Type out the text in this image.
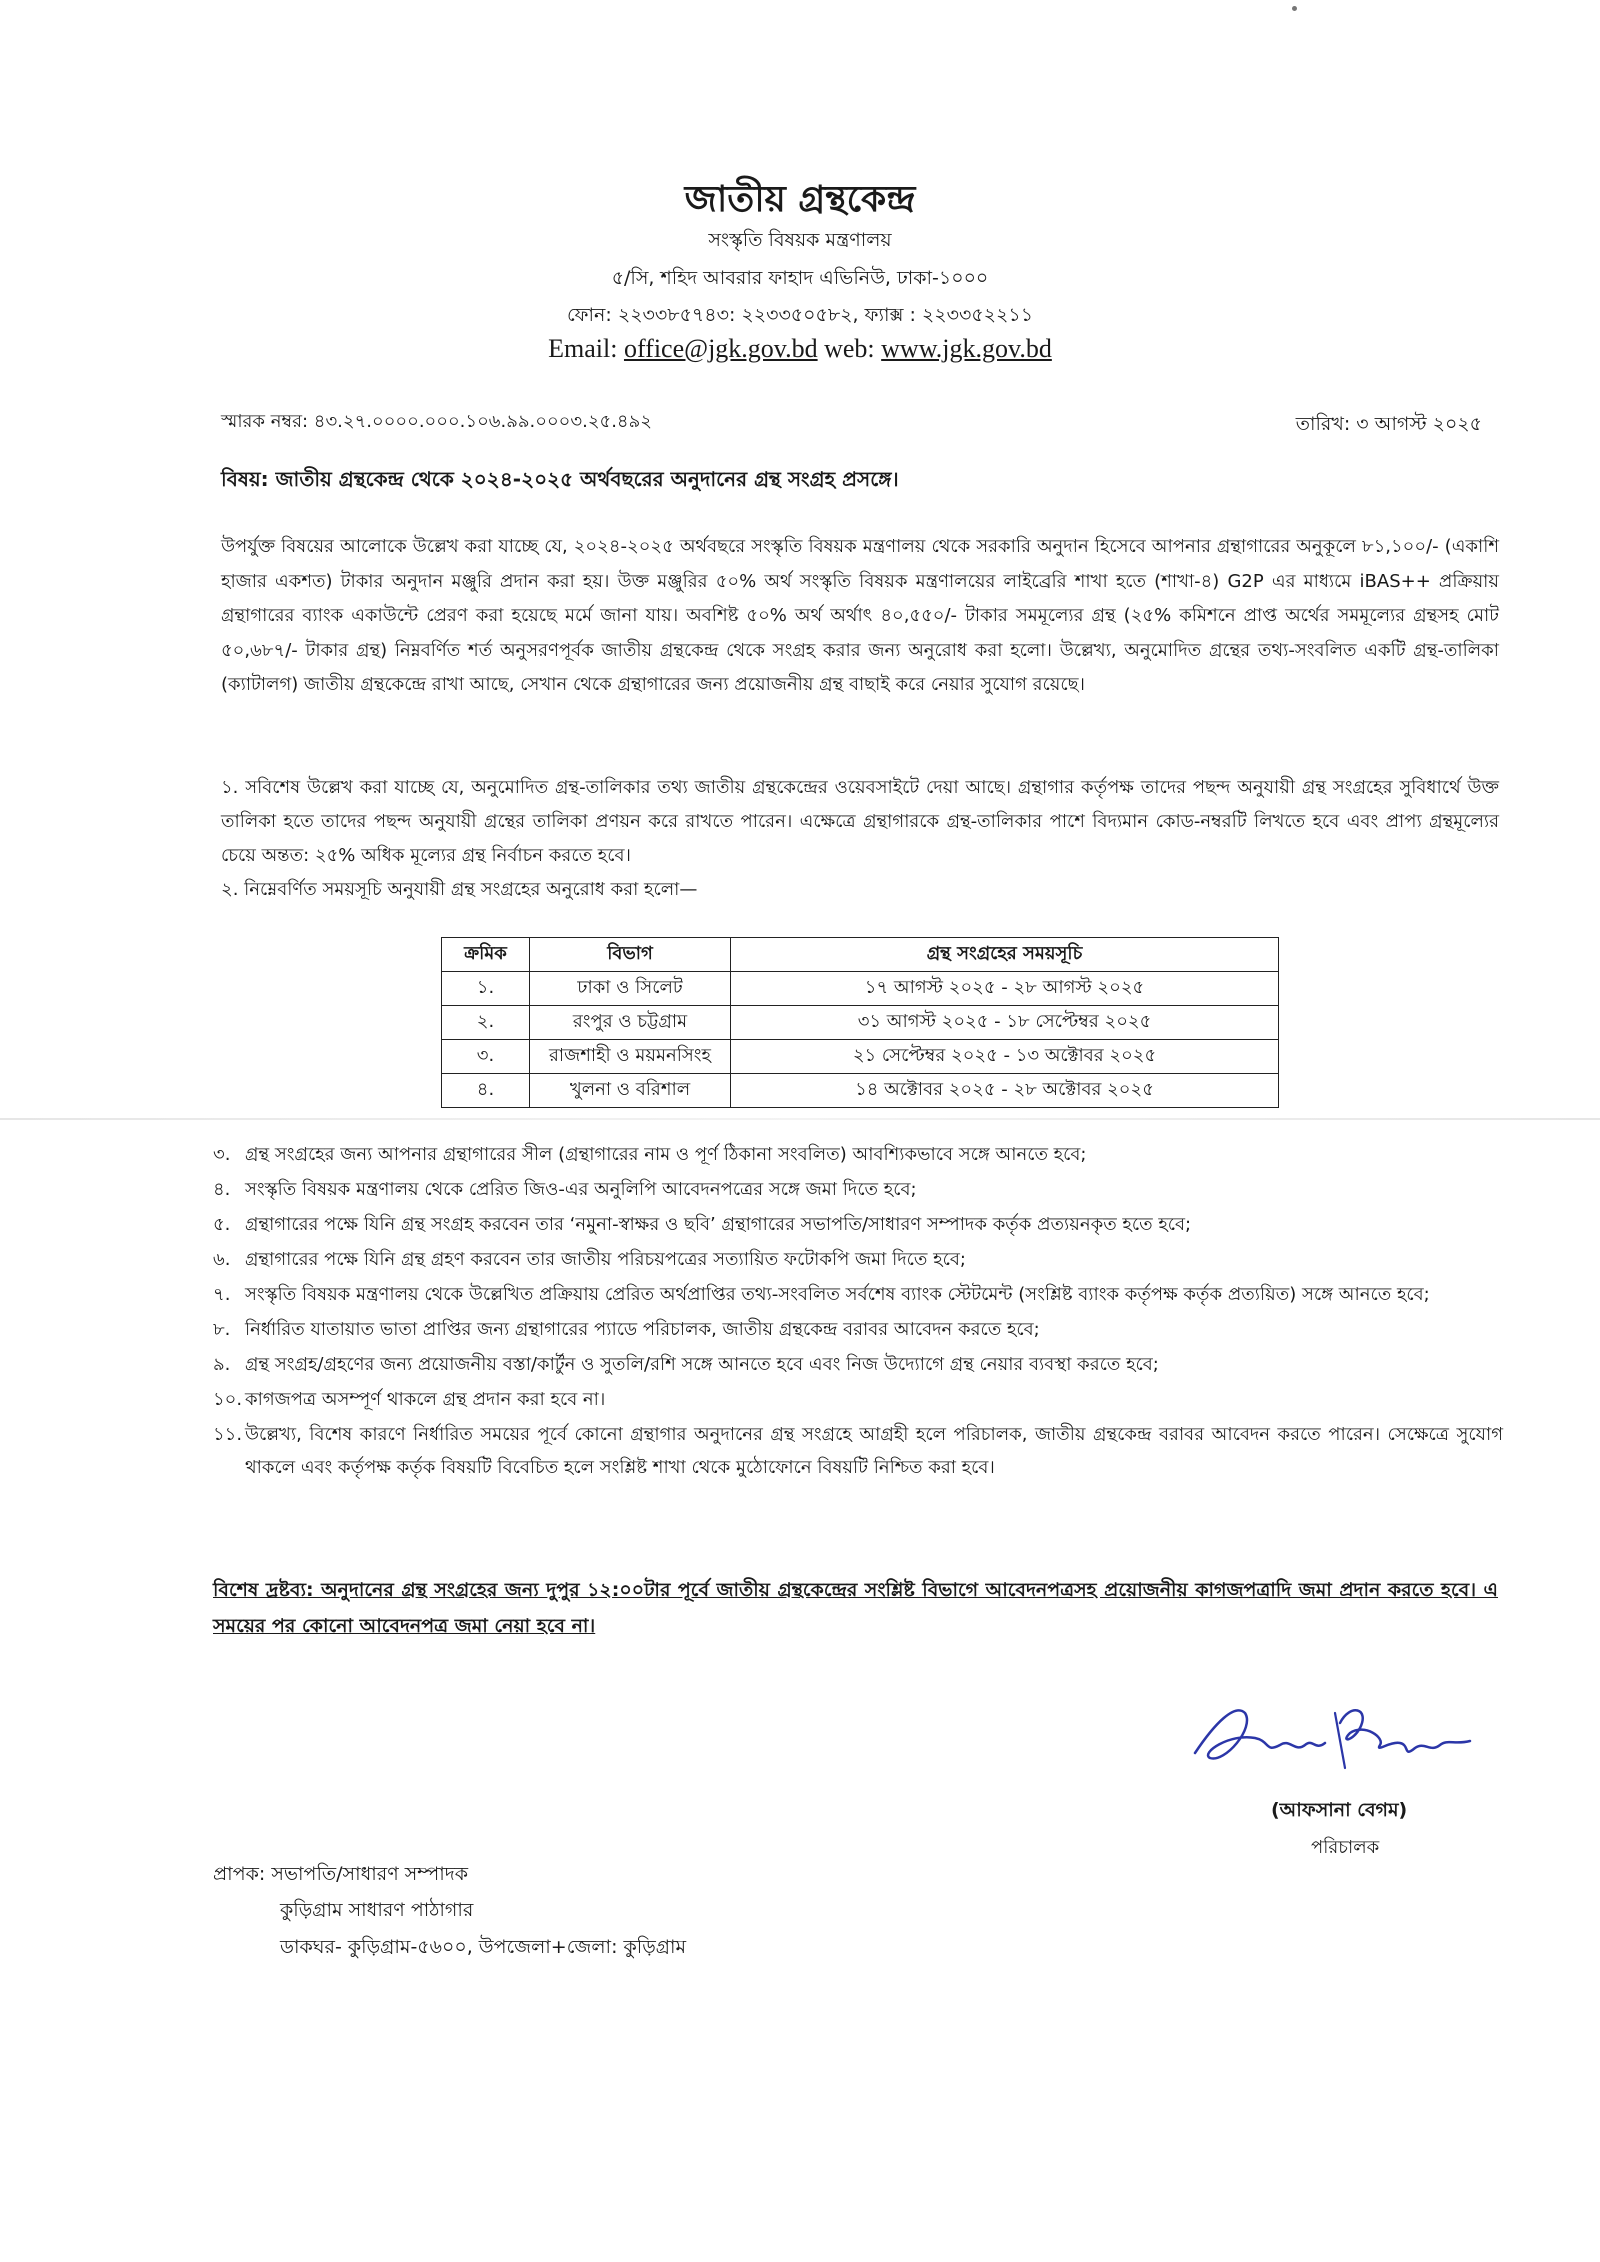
জাতীয় গ্রন্থকেন্দ্র
সংস্কৃতি বিষয়ক মন্ত্রণালয়
৫/সি, শহিদ আবরার ফাহাদ এভিনিউ, ঢাকা-১০০০
ফোন: ২২৩৩৮৫৭৪৩: ২২৩৩৫০৫৮২, ফ্যাক্স : ২২৩৩৫২২১১
Email: office@jgk.gov.bd web: www.jgk.gov.bd
স্মারক নম্বর: ৪৩.২৭.০০০০.০০০.১০৬.৯৯.০০০৩.২৫.৪৯২	তারিখ: ৩ আগস্ট ২০২৫
বিষয়: জাতীয় গ্রন্থকেন্দ্র থেকে ২০২৪-২০২৫ অর্থবছরের অনুদানের গ্রন্থ সংগ্রহ প্রসঙ্গে।
উপর্যুক্ত বিষয়ের আলোকে উল্লেখ করা যাচ্ছে যে, ২০২৪-২০২৫ অর্থবছরে সংস্কৃতি বিষয়ক মন্ত্রণালয় থেকে সরকারি অনুদান হিসেবে আপনার গ্রন্থাগারের অনুকূলে ৮১,১০০/- (একাশি হাজার একশত) টাকার অনুদান মঞ্জুরি প্রদান করা হয়। উক্ত মঞ্জুরির ৫০% অর্থ সংস্কৃতি বিষয়ক মন্ত্রণালয়ের লাইব্রেরি শাখা হতে (শাখা-৪) G2P এর মাধ্যমে iBAS++ প্রক্রিয়ায় গ্রন্থাগারের ব্যাংক একাউন্টে প্রেরণ করা হয়েছে মর্মে জানা যায়। অবশিষ্ট ৫০% অর্থ অর্থাৎ ৪০,৫৫০/- টাকার সমমূল্যের গ্রন্থ (২৫% কমিশনে প্রাপ্ত অর্থের সমমূল্যের গ্রন্থসহ মোট ৫০,৬৮৭/- টাকার গ্রন্থ) নিম্নবর্ণিত শর্ত অনুসরণপূর্বক জাতীয় গ্রন্থকেন্দ্র থেকে সংগ্রহ করার জন্য অনুরোধ করা হলো। উল্লেখ্য, অনুমোদিত গ্রন্থের তথ্য-সংবলিত একটি গ্রন্থ-তালিকা (ক্যাটালগ) জাতীয় গ্রন্থকেন্দ্রে রাখা আছে, সেখান থেকে গ্রন্থাগারের জন্য প্রয়োজনীয় গ্রন্থ বাছাই করে নেয়ার সুযোগ রয়েছে।
১. সবিশেষ উল্লেখ করা যাচ্ছে যে, অনুমোদিত গ্রন্থ-তালিকার তথ্য জাতীয় গ্রন্থকেন্দ্রের ওয়েবসাইটে দেয়া আছে। গ্রন্থাগার কর্তৃপক্ষ তাদের পছন্দ অনুযায়ী গ্রন্থ সংগ্রহের সুবিধার্থে উক্ত তালিকা হতে তাদের পছন্দ অনুযায়ী গ্রন্থের তালিকা প্রণয়ন করে রাখতে পারেন। এক্ষেত্রে গ্রন্থাগারকে গ্রন্থ-তালিকার পাশে বিদ্যমান কোড-নম্বরটি লিখতে হবে এবং প্রাপ্য গ্রন্থমূল্যের চেয়ে অন্তত: ২৫% অধিক মূল্যের গ্রন্থ নির্বাচন করতে হবে।
২. নিম্নেবর্ণিত সময়সূচি অনুযায়ী গ্রন্থ সংগ্রহের অনুরোধ করা হলো—
ক্রমিক	বিভাগ	গ্রন্থ সংগ্রহের সময়সূচি
১.	ঢাকা ও সিলেট	১৭ আগস্ট ২০২৫ - ২৮ আগস্ট ২০২৫
২.	রংপুর ও চট্টগ্রাম	৩১ আগস্ট ২০২৫ - ১৮ সেপ্টেম্বর ২০২৫
৩.	রাজশাহী ও ময়মনসিংহ	২১ সেপ্টেম্বর ২০২৫ - ১৩ অক্টোবর ২০২৫
৪.	খুলনা ও বরিশাল	১৪ অক্টোবর ২০২৫ - ২৮ অক্টোবর ২০২৫
৩. গ্রন্থ সংগ্রহের জন্য আপনার গ্রন্থাগারের সীল (গ্রন্থাগারের নাম ও পূর্ণ ঠিকানা সংবলিত) আবশ্যিকভাবে সঙ্গে আনতে হবে;
৪. সংস্কৃতি বিষয়ক মন্ত্রণালয় থেকে প্রেরিত জিও-এর অনুলিপি আবেদনপত্রের সঙ্গে জমা দিতে হবে;
৫. গ্রন্থাগারের পক্ষে যিনি গ্রন্থ সংগ্রহ করবেন তার ‘নমুনা-স্বাক্ষর ও ছবি’ গ্রন্থাগারের সভাপতি/সাধারণ সম্পাদক কর্তৃক প্রত্যয়নকৃত হতে হবে;
৬. গ্রন্থাগারের পক্ষে যিনি গ্রন্থ গ্রহণ করবেন তার জাতীয় পরিচয়পত্রের সত্যায়িত ফটোকপি জমা দিতে হবে;
৭. সংস্কৃতি বিষয়ক মন্ত্রণালয় থেকে উল্লেখিত প্রক্রিয়ায় প্রেরিত অর্থপ্রাপ্তির তথ্য-সংবলিত সর্বশেষ ব্যাংক স্টেটমেন্ট (সংশ্লিষ্ট ব্যাংক কর্তৃপক্ষ কর্তৃক প্রত্যয়িত) সঙ্গে আনতে হবে;
৮. নির্ধারিত যাতায়াত ভাতা প্রাপ্তির জন্য গ্রন্থাগারের প্যাডে পরিচালক, জাতীয় গ্রন্থকেন্দ্র বরাবর আবেদন করতে হবে;
৯. গ্রন্থ সংগ্রহ/গ্রহণের জন্য প্রয়োজনীয় বস্তা/কার্টুন ও সুতলি/রশি সঙ্গে আনতে হবে এবং নিজ উদ্যোগে গ্রন্থ নেয়ার ব্যবস্থা করতে হবে;
১০. কাগজপত্র অসম্পূর্ণ থাকলে গ্রন্থ প্রদান করা হবে না।
১১. উল্লেখ্য, বিশেষ কারণে নির্ধারিত সময়ের পূর্বে কোনো গ্রন্থাগার অনুদানের গ্রন্থ সংগ্রহে আগ্রহী হলে পরিচালক, জাতীয় গ্রন্থকেন্দ্র বরাবর আবেদন করতে পারেন। সেক্ষেত্রে সুযোগ থাকলে এবং কর্তৃপক্ষ কর্তৃক বিষয়টি বিবেচিত হলে সংশ্লিষ্ট শাখা থেকে মুঠোফোনে বিষয়টি নিশ্চিত করা হবে।
বিশেষ দ্রষ্টব্য: অনুদানের গ্রন্থ সংগ্রহের জন্য দুপুর ১২:০০টার পূর্বে জাতীয় গ্রন্থকেন্দ্রের সংশ্লিষ্ট বিভাগে আবেদনপত্রসহ প্রয়োজনীয় কাগজপত্রাদি জমা প্রদান করতে হবে। এ সময়ের পর কোনো আবেদনপত্র জমা নেয়া হবে না।
(আফসানা বেগম)
পরিচালক
প্রাপক: সভাপতি/সাধারণ সম্পাদক
কুড়িগ্রাম সাধারণ পাঠাগার
ডাকঘর- কুড়িগ্রাম-৫৬০০, উপজেলা+জেলা: কুড়িগ্রাম
